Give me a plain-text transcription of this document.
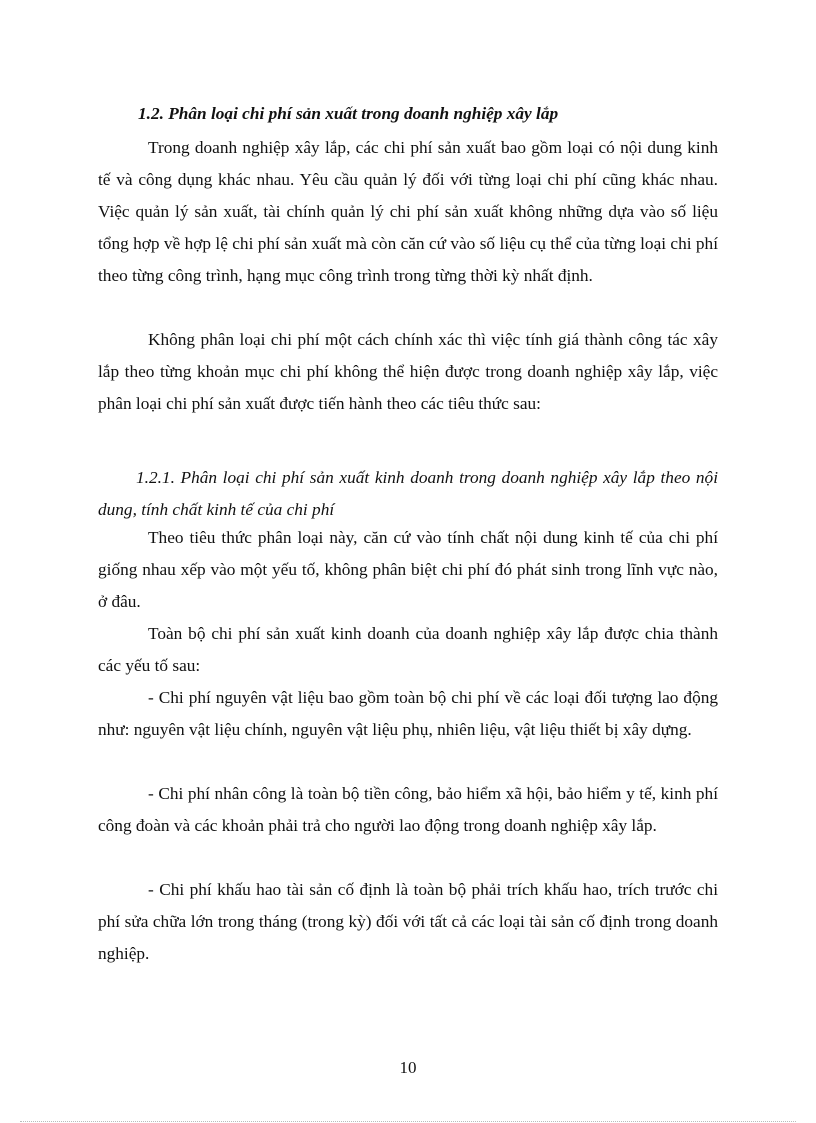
1.2. Phân loại chi phí sản xuất trong doanh nghiệp xây lắp

Trong doanh nghiệp xây lắp, các chi phí sản xuất bao gồm loại có nội dung kinh tế và công dụng khác nhau. Yêu cầu quản lý đối với từng loại chi phí cũng khác nhau. Việc quản lý sản xuất, tài chính quản lý chi phí sản xuất không những dựa vào số liệu tổng hợp về hợp lệ chi phí sản xuất mà còn căn cứ vào số liệu cụ thể của từng loại chi phí theo từng công trình, hạng mục công trình trong từng thời kỳ nhất định.

Không phân loại chi phí một cách chính xác thì việc tính giá thành công tác xây lắp theo từng khoản mục chi phí không thể hiện được trong doanh nghiệp xây lắp, việc phân loại chi phí sản xuất được tiến hành theo các tiêu thức sau:

1.2.1. Phân loại chi phí sản xuất kinh doanh trong doanh nghiệp xây lắp theo nội dung, tính chất kinh tế của chi phí

Theo tiêu thức phân loại này, căn cứ vào tính chất nội dung kinh tế của chi phí giống nhau xếp vào một yếu tố, không phân biệt chi phí đó phát sinh trong lĩnh vực nào, ở đâu.

Toàn bộ chi phí sản xuất kinh doanh của doanh nghiệp xây lắp được chia thành các yếu tố sau:

- Chi phí nguyên vật liệu bao gồm toàn bộ chi phí về các loại đối tượng lao động như: nguyên vật liệu chính, nguyên vật liệu phụ, nhiên liệu, vật liệu thiết bị xây dựng.

- Chi phí nhân công là toàn bộ tiền công, bảo hiểm xã hội, bảo hiểm y tế, kinh phí công đoàn và các khoản phải trả cho người lao động trong doanh nghiệp xây lắp.

- Chi phí khấu hao tài sản cố định là toàn bộ phải trích khấu hao, trích trước chi phí sửa chữa lớn trong tháng (trong kỳ) đối với tất cả các loại tài sản cố định trong doanh nghiệp.

10
